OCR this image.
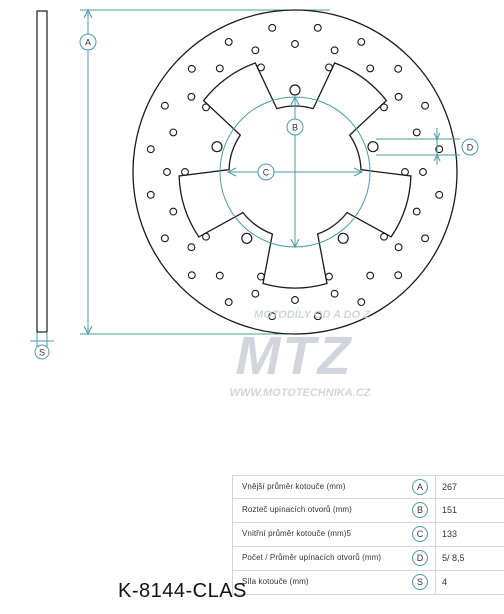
S
A
B
C
D
MOTODÍLY OD A DO Z
MTZ
WWW.MOTOTECHNIKA.CZ
Vnější průměr kotouče (mm)	A	267
Rozteč upínacích otvorů (mm)	B	151
Vnitřní průměr kotouče (mm)5	C	133
Počet / Průměr upínacích otvorů (mm)	D	5/ 8,5
Síla kotouče (mm)	S	4
K-8144-CLAS
